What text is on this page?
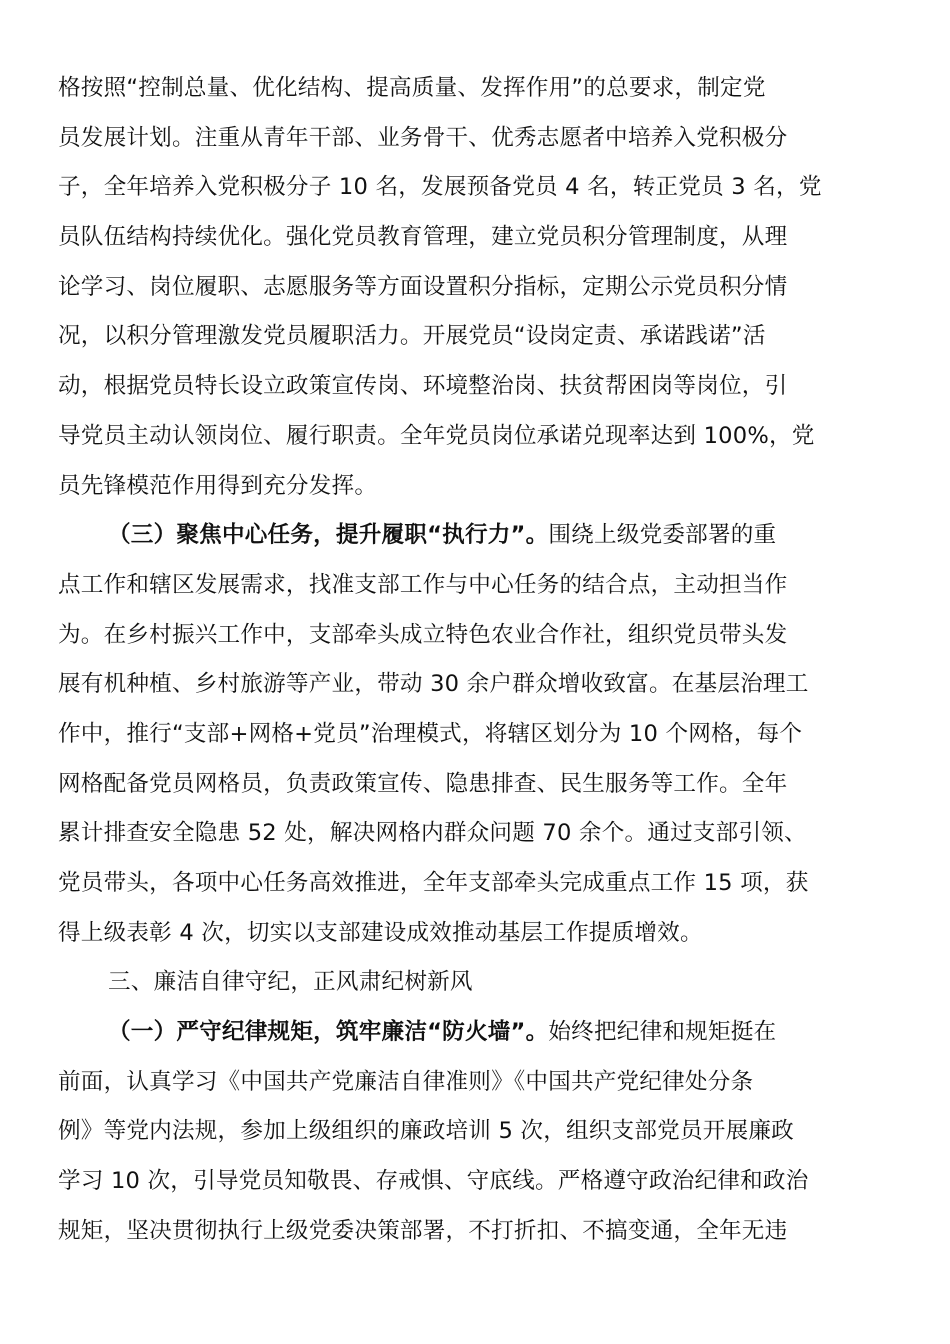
格按照“控制总量、优化结构、提高质量、发挥作用”的总要求，制定党
员发展计划。注重从青年干部、业务骨干、优秀志愿者中培养入党积极分
子，全年培养入党积极分子 10 名，发展预备党员 4 名，转正党员 3 名，党
员队伍结构持续优化。强化党员教育管理，建立党员积分管理制度，从理
论学习、岗位履职、志愿服务等方面设置积分指标，定期公示党员积分情
况，以积分管理激发党员履职活力。开展党员“设岗定责、承诺践诺”活
动，根据党员特长设立政策宣传岗、环境整治岗、扶贫帮困岗等岗位，引
导党员主动认领岗位、履行职责。全年党员岗位承诺兑现率达到 100%，党
员先锋模范作用得到充分发挥。
（三）聚焦中心任务，提升履职“执行力”。围绕上级党委部署的重
点工作和辖区发展需求，找准支部工作与中心任务的结合点，主动担当作
为。在乡村振兴工作中，支部牵头成立特色农业合作社，组织党员带头发
展有机种植、乡村旅游等产业，带动 30 余户群众增收致富。在基层治理工
作中，推行“支部+网格+党员”治理模式，将辖区划分为 10 个网格，每个
网格配备党员网格员，负责政策宣传、隐患排查、民生服务等工作。全年
累计排查安全隐患 52 处，解决网格内群众问题 70 余个。通过支部引领、
党员带头，各项中心任务高效推进，全年支部牵头完成重点工作 15 项，获
得上级表彰 4 次，切实以支部建设成效推动基层工作提质增效。
三、廉洁自律守纪，正风肃纪树新风
（一）严守纪律规矩，筑牢廉洁“防火墙”。始终把纪律和规矩挺在
前面，认真学习《中国共产党廉洁自律准则》《中国共产党纪律处分条
例》等党内法规，参加上级组织的廉政培训 5 次，组织支部党员开展廉政
学习 10 次，引导党员知敬畏、存戒惧、守底线。严格遵守政治纪律和政治
规矩，坚决贯彻执行上级党委决策部署，不打折扣、不搞变通，全年无违
